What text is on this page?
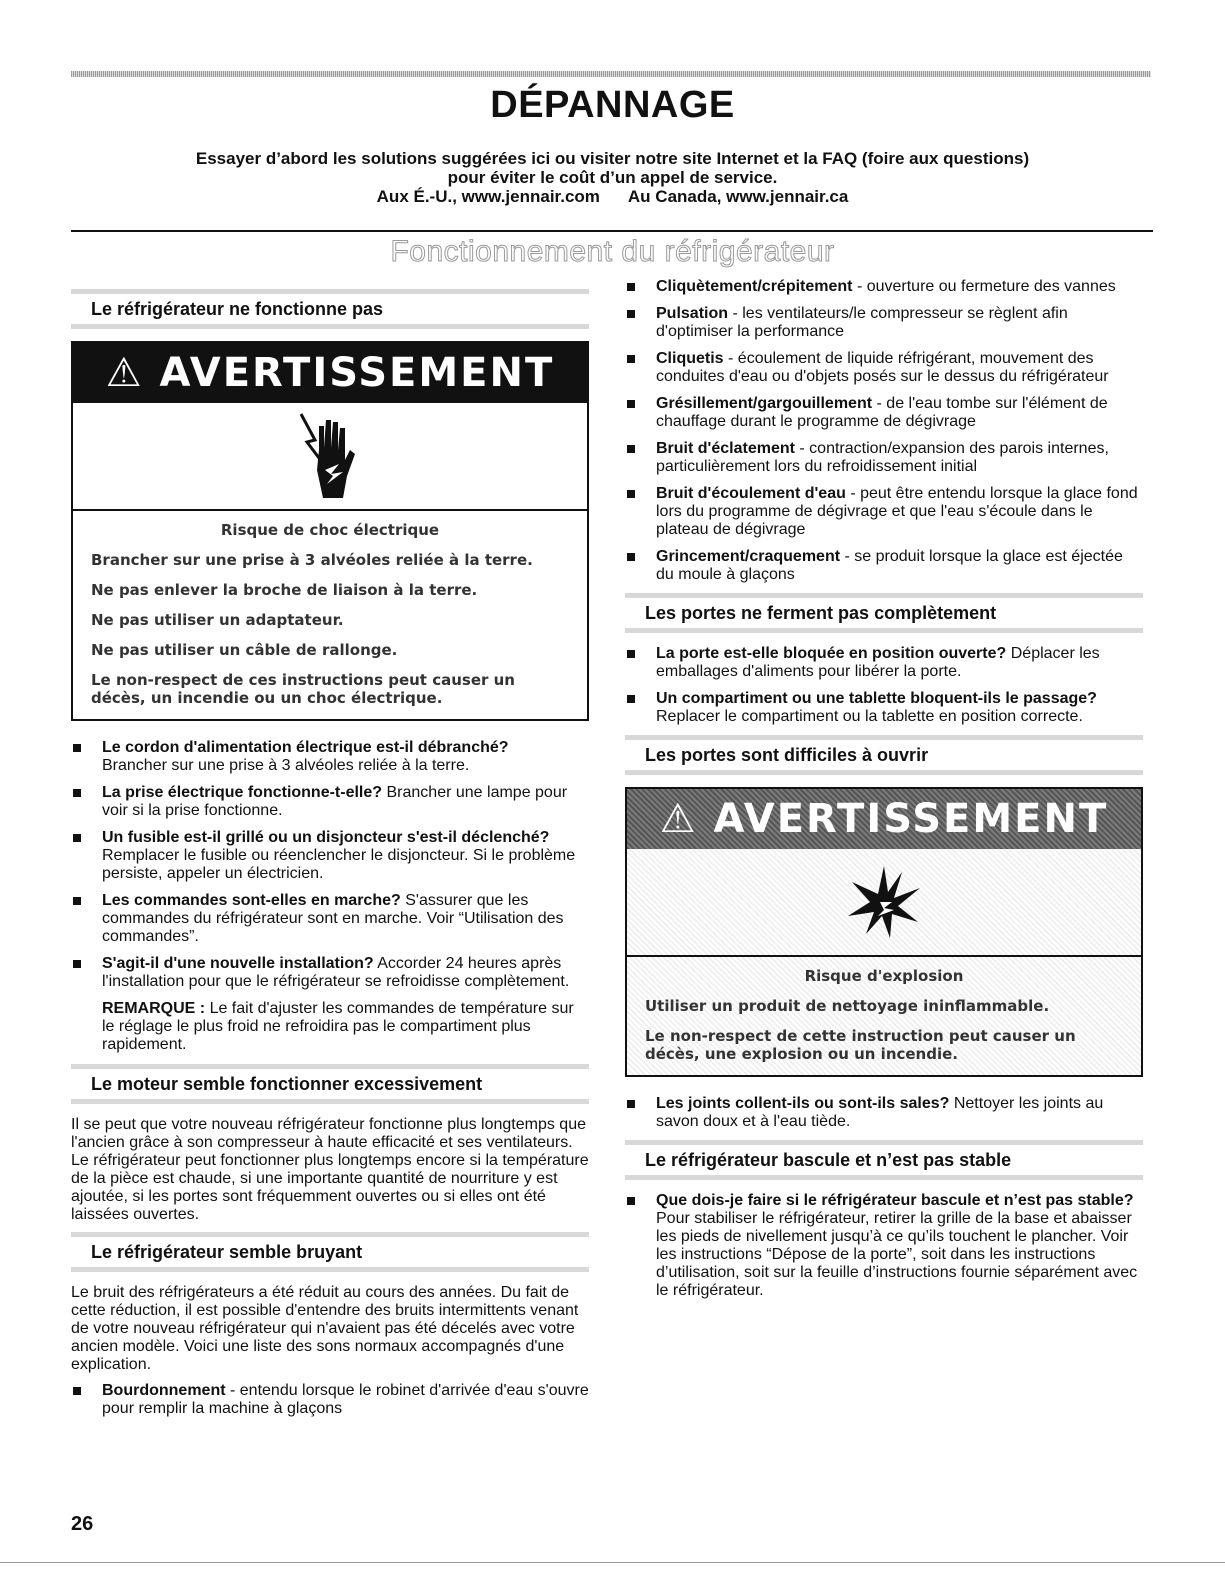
DÉPANNAGE
Essayer d’abord les solutions suggérées ici ou visiter notre site Internet et la FAQ (foire aux questions)
pour éviter le coût d’un appel de service.
Aux É.-U., www.jennair.com Au Canada, www.jennair.ca
Fonctionnement du réfrigérateur
Le réfrigérateur ne fonctionne pas
⚠ AVERTISSEMENT
Risque de choc électrique

Brancher sur une prise à 3 alvéoles reliée à la terre.

Ne pas enlever la broche de liaison à la terre.

Ne pas utiliser un adaptateur.

Ne pas utiliser un câble de rallonge.

Le non-respect de ces instructions peut causer un décès, un incendie ou un choc électrique.

Le cordon d'alimentation électrique est-il débranché?
Brancher sur une prise à 3 alvéoles reliée à la terre.
La prise électrique fonctionne-t-elle? Brancher une lampe pour voir si la prise fonctionne.
Un fusible est-il grillé ou un disjoncteur s'est-il déclenché? Remplacer le fusible ou réenclencher le disjoncteur. Si le problème persiste, appeler un électricien.
Les commandes sont-elles en marche? S'assurer que les commandes du réfrigérateur sont en marche. Voir “Utilisation des commandes”.
S'agit-il d'une nouvelle installation? Accorder 24 heures après l'installation pour que le réfrigérateur se refroidisse complètement.
REMARQUE : Le fait d'ajuster les commandes de température sur le réglage le plus froid ne refroidira pas le compartiment plus rapidement.
Le moteur semble fonctionner excessivement
Il se peut que votre nouveau réfrigérateur fonctionne plus longtemps que l'ancien grâce à son compresseur à haute efficacité et ses ventilateurs. Le réfrigérateur peut fonctionner plus longtemps encore si la température de la pièce est chaude, si une importante quantité de nourriture y est ajoutée, si les portes sont fréquemment ouvertes ou si elles ont été laissées ouvertes.
Le réfrigérateur semble bruyant
Le bruit des réfrigérateurs a été réduit au cours des années. Du fait de cette réduction, il est possible d'entendre des bruits intermittents venant de votre nouveau réfrigérateur qui n'avaient pas été décelés avec votre ancien modèle. Voici une liste des sons normaux accompagnés d'une explication.
Bourdonnement - entendu lorsque le robinet d'arrivée d'eau s'ouvre pour remplir la machine à glaçons
Cliquètement/crépitement - ouverture ou fermeture des vannes
Pulsation - les ventilateurs/le compresseur se règlent afin d'optimiser la performance
Cliquetis - écoulement de liquide réfrigérant, mouvement des conduites d'eau ou d'objets posés sur le dessus du réfrigérateur
Grésillement/gargouillement - de l'eau tombe sur l'élément de chauffage durant le programme de dégivrage
Bruit d'éclatement - contraction/expansion des parois internes, particulièrement lors du refroidissement initial
Bruit d'écoulement d'eau - peut être entendu lorsque la glace fond lors du programme de dégivrage et que l'eau s'écoule dans le plateau de dégivrage
Grincement/craquement - se produit lorsque la glace est éjectée du moule à glaçons
Les portes ne ferment pas complètement
La porte est-elle bloquée en position ouverte? Déplacer les emballages d'aliments pour libérer la porte.
Un compartiment ou une tablette bloquent-ils le passage?
Replacer le compartiment ou la tablette en position correcte.
Les portes sont difficiles à ouvrir
⚠ AVERTISSEMENT
Risque d'explosion

Utiliser un produit de nettoyage ininflammable.

Le non-respect de cette instruction peut causer un décès, une explosion ou un incendie.

Les joints collent-ils ou sont-ils sales? Nettoyer les joints au savon doux et à l'eau tiède.
Le réfrigérateur bascule et n’est pas stable
Que dois-je faire si le réfrigérateur bascule et n’est pas stable? Pour stabiliser le réfrigérateur, retirer la grille de la base et abaisser les pieds de nivellement jusqu’à ce qu’ils touchent le plancher. Voir les instructions “Dépose de la porte”, soit dans les instructions d’utilisation, soit sur la feuille d’instructions fournie séparément avec le réfrigérateur.
26
